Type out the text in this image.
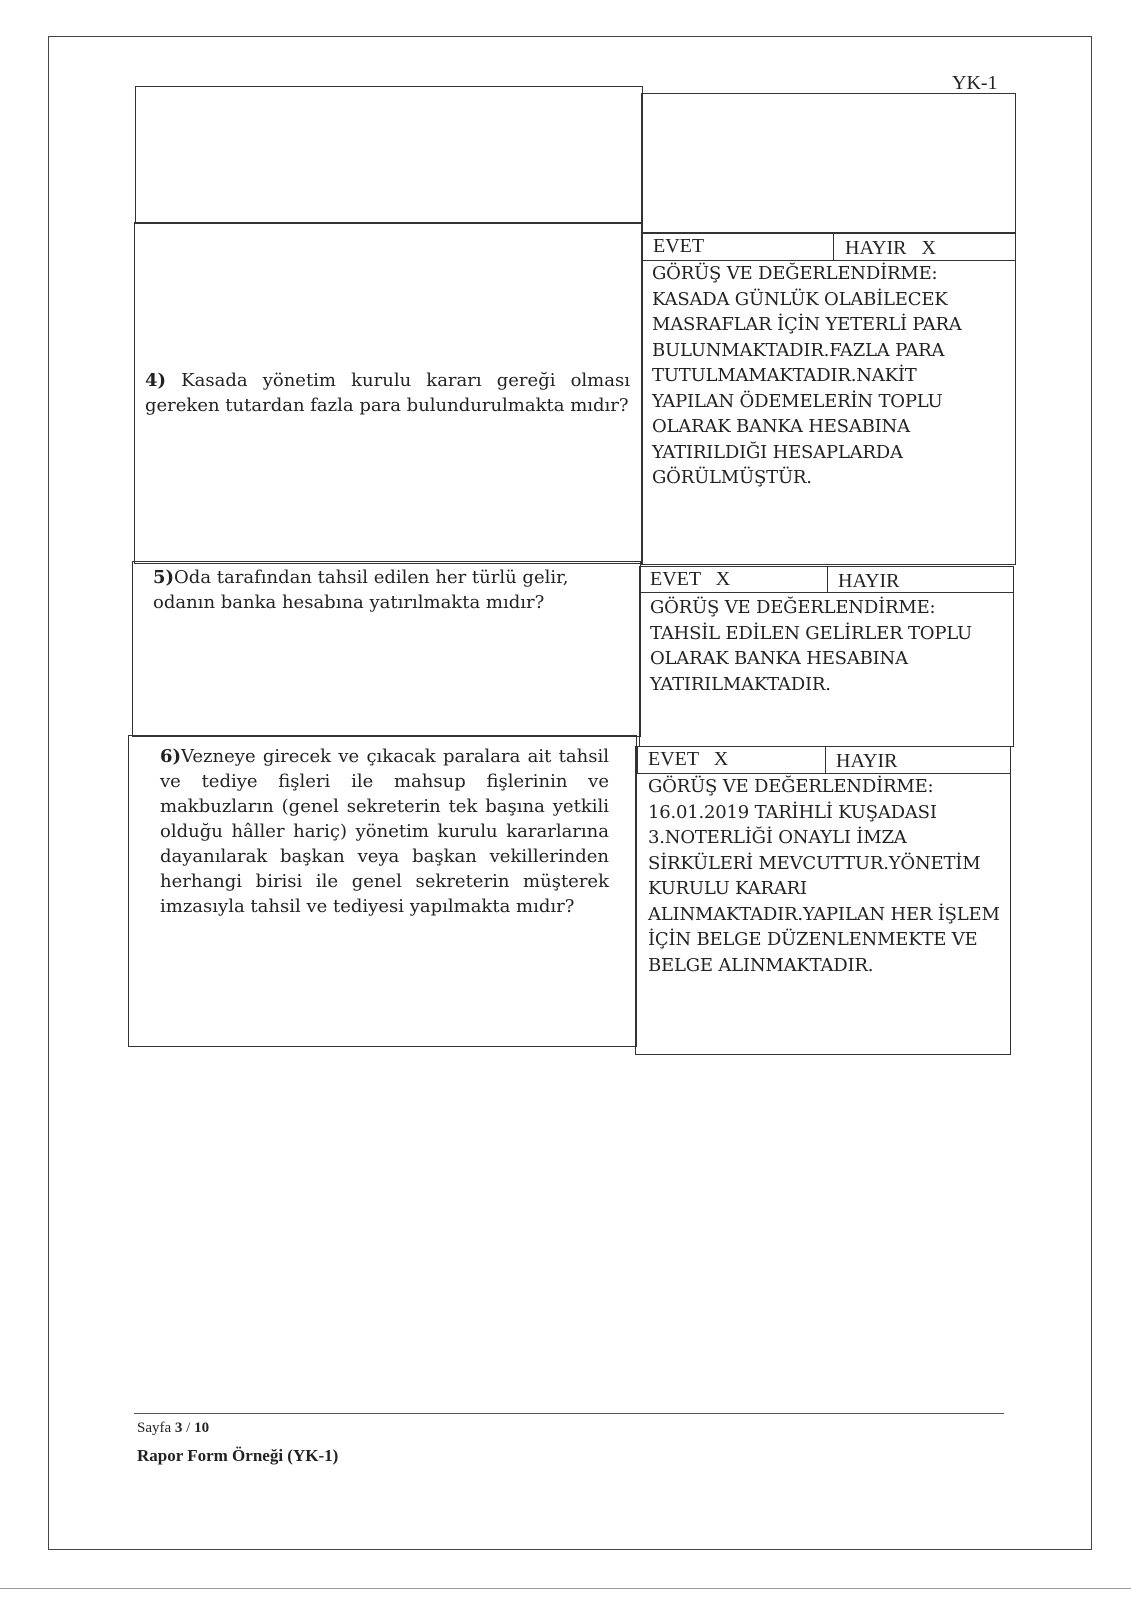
YK-1
4) Kasada yönetim kurulu kararı gereği olması gereken tutardan fazla para bulundurulmakta mıdır?
EVET	HAYIR   X
GÖRÜŞ VE DEĞERLENDİRME:
KASADA GÜNLÜK OLABİLECEK
MASRAFLAR İÇİN YETERLİ PARA
BULUNMAKTADIR.FAZLA PARA
TUTULMAMAKTADIR.NAKİT
YAPILAN ÖDEMELERİN TOPLU
OLARAK BANKA HESABINA
YATIRILDIĞI HESAPLARDA
GÖRÜLMÜŞTÜR.
5)Oda tarafından tahsil edilen her türlü gelir,
odanın banka hesabına yatırılmakta mıdır?
EVET   X	HAYIR
GÖRÜŞ VE DEĞERLENDİRME:
TAHSİL EDİLEN GELİRLER TOPLU
OLARAK BANKA HESABINA
YATIRILMAKTADIR.
6)Vezneye girecek ve çıkacak paralara ait tahsil ve tediye fişleri ile mahsup fişlerinin ve makbuzların (genel sekreterin tek başına yetkili olduğu hâller hariç) yönetim kurulu kararlarına dayanılarak başkan veya başkan vekillerinden herhangi birisi ile genel sekreterin müşterek imzasıyla tahsil ve tediyesi yapılmakta mıdır?
EVET   X	HAYIR
GÖRÜŞ VE DEĞERLENDİRME:
16.01.2019 TARİHLİ KUŞADASI
3.NOTERLİĞİ ONAYLI İMZA
SİRKÜLERİ MEVCUTTUR.YÖNETİM
KURULU KARARI
ALINMAKTADIR.YAPILAN HER İŞLEM
İÇİN BELGE DÜZENLENMEKTE VE
BELGE ALINMAKTADIR.
Sayfa 3 / 10
Rapor Form Örneği (YK-1)
